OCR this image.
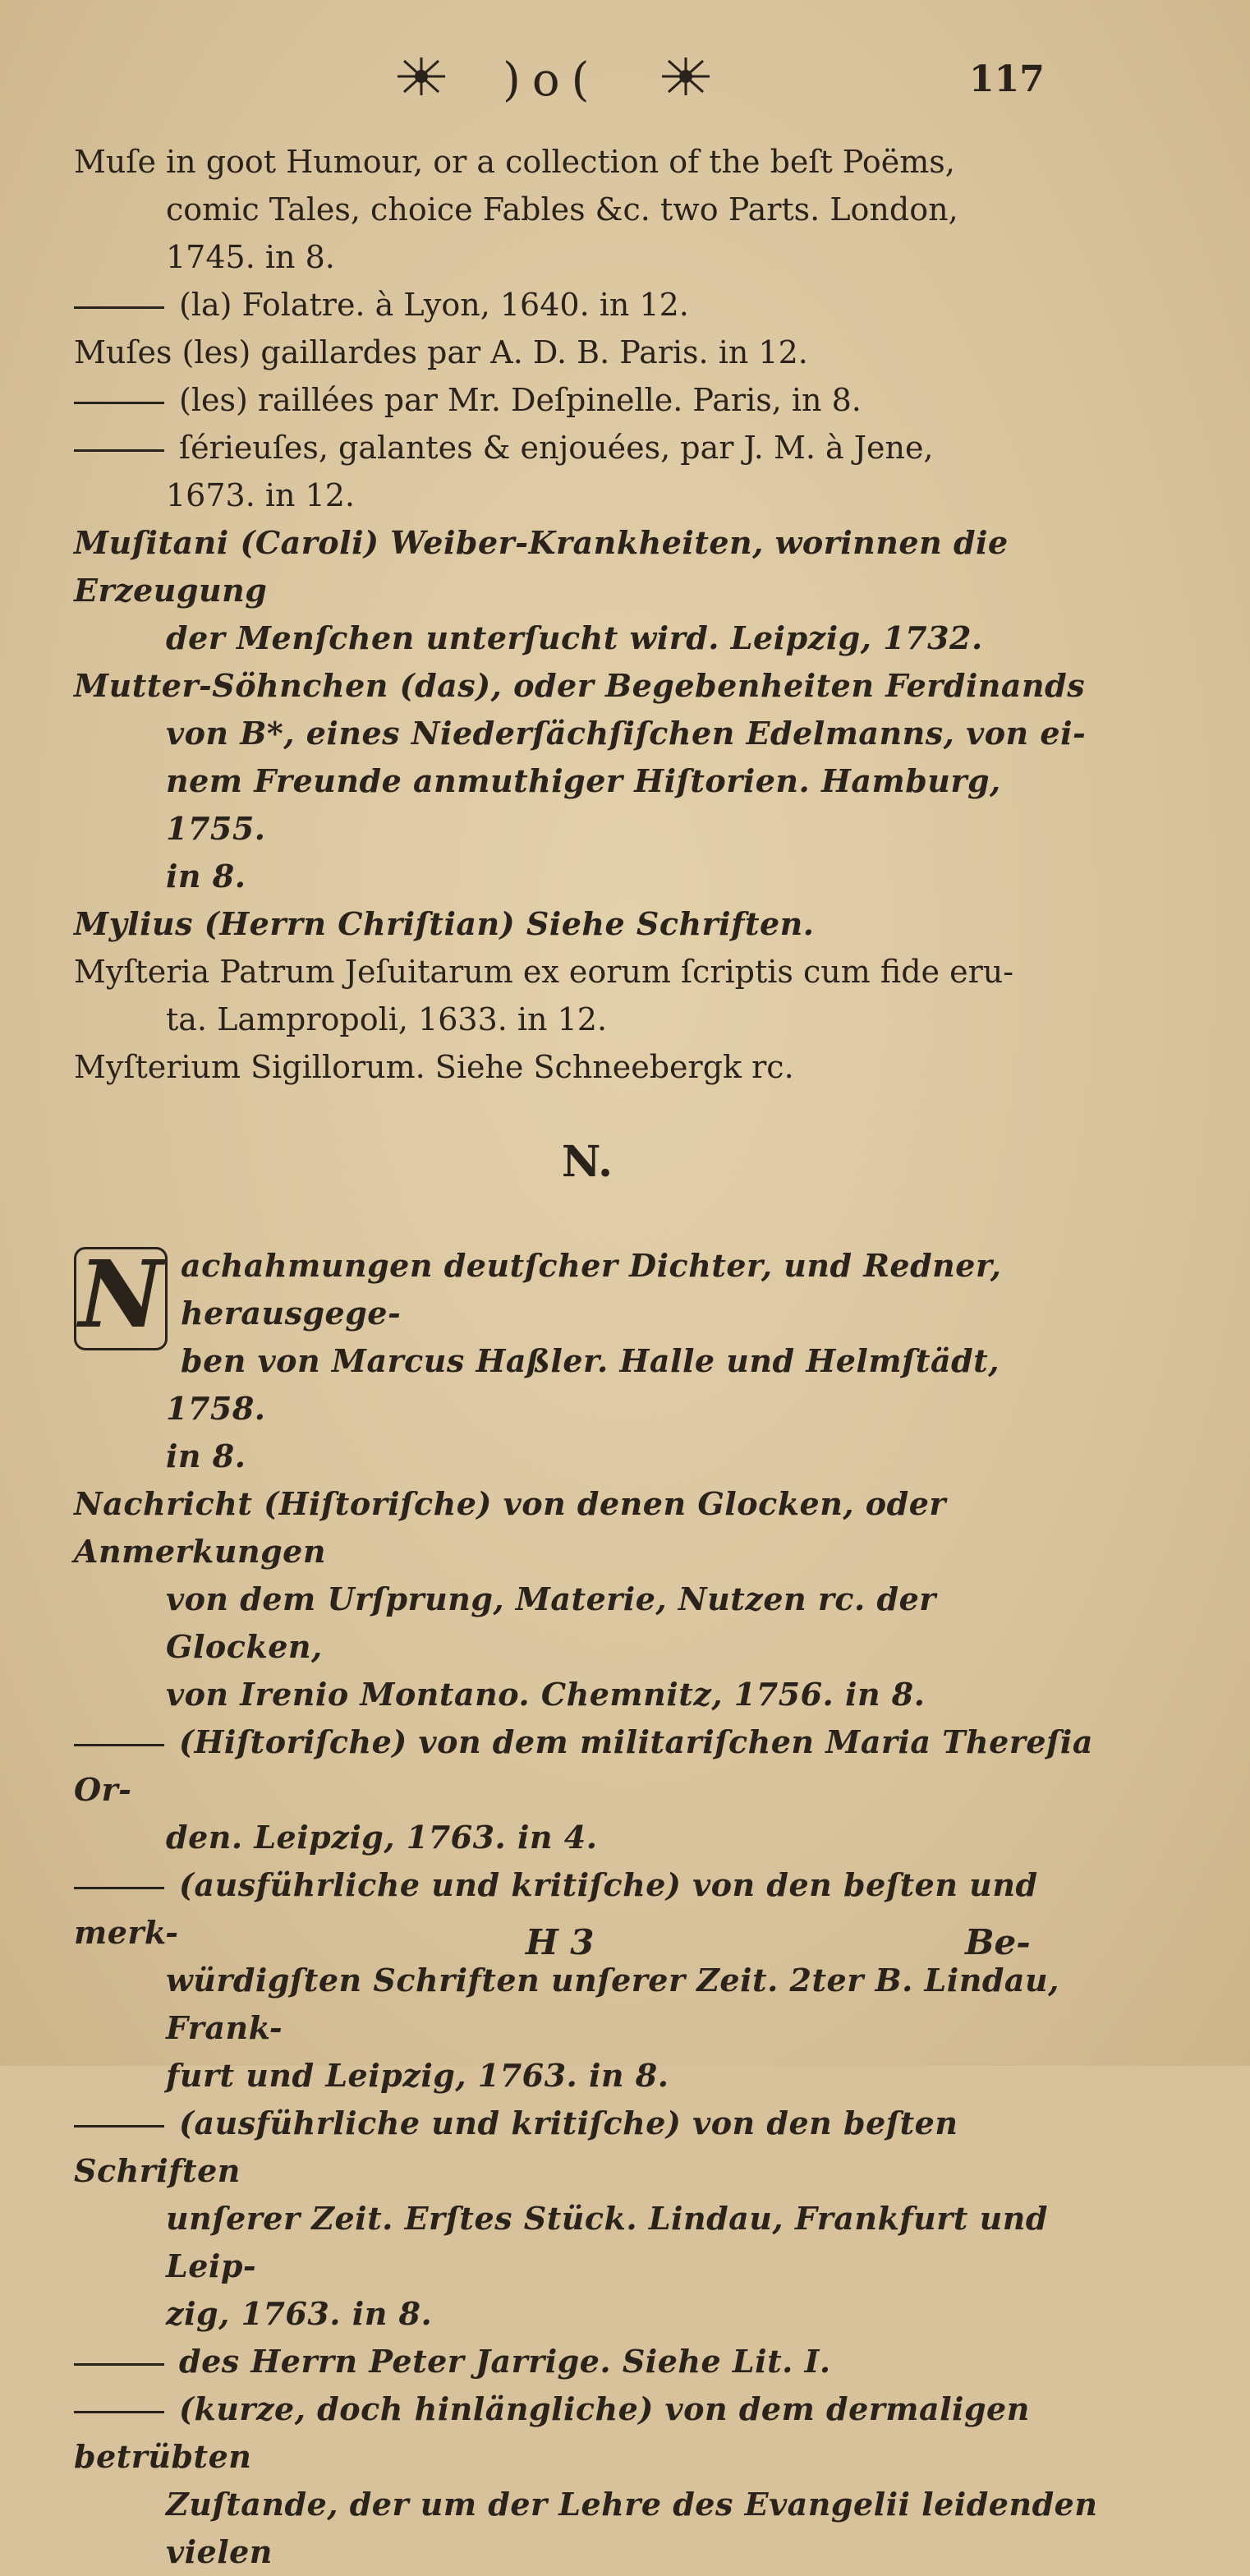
)o(	117
Muſe in goot Humour, or a collection of the beſt Poëms,
comic Tales, choice Fables &c. two Parts. London,
1745. in 8.
(la) Folatre. à Lyon, 1640. in 12.
Muſes (les) gaillardes par A. D. B. Paris. in 12.
(les) raillées par Mr. Deſpinelle. Paris, in 8.
ſérieuſes, galantes & enjouées, par J. M. à Jene,
1673. in 12.
Muſitani (Caroli) Weiber-Krankheiten, worinnen die Erzeugung
der Menſchen unterſucht wird. Leipzig, 1732.
Mutter-Söhnchen (das), oder Begebenheiten Ferdinands
von B*, eines Niederſächſiſchen Edelmanns, von ei-
nem Freunde anmuthiger Hiſtorien. Hamburg, 1755.
in 8.
Mylius (Herrn Chriſtian) Siehe Schriften.
Myſteria Patrum Jeſuitarum ex eorum ſcriptis cum fide eru-
ta. Lampropoli, 1633. in 12.
Myſterium Sigillorum. Siehe Schneebergk rc.
N.
N achahmungen deutſcher Dichter, und Redner, herausgege-
ben von Marcus Haßler. Halle und Helmſtädt, 1758.
in 8.
Nachricht (Hiſtoriſche) von denen Glocken, oder Anmerkungen
von dem Urſprung, Materie, Nutzen rc. der Glocken,
von Irenio Montano. Chemnitz, 1756. in 8.
(Hiſtoriſche) von dem militariſchen Maria Thereſia Or-
den. Leipzig, 1763. in 4.
(ausführliche und kritiſche) von den beſten und merk-
würdigſten Schriften unſerer Zeit. 2ter B. Lindau, Frank-
furt und Leipzig, 1763. in 8.
(ausführliche und kritiſche) von den beſten Schriften
unſerer Zeit. Erſtes Stück. Lindau, Frankfurt und Leip-
zig, 1763. in 8.
des Herrn Peter Jarrige. Siehe Lit. I.
(kurze, doch hinlängliche) von dem dermaligen betrübten
Zuſtande, der um der Lehre des Evangelii leidenden vielen
H 3	Be-
